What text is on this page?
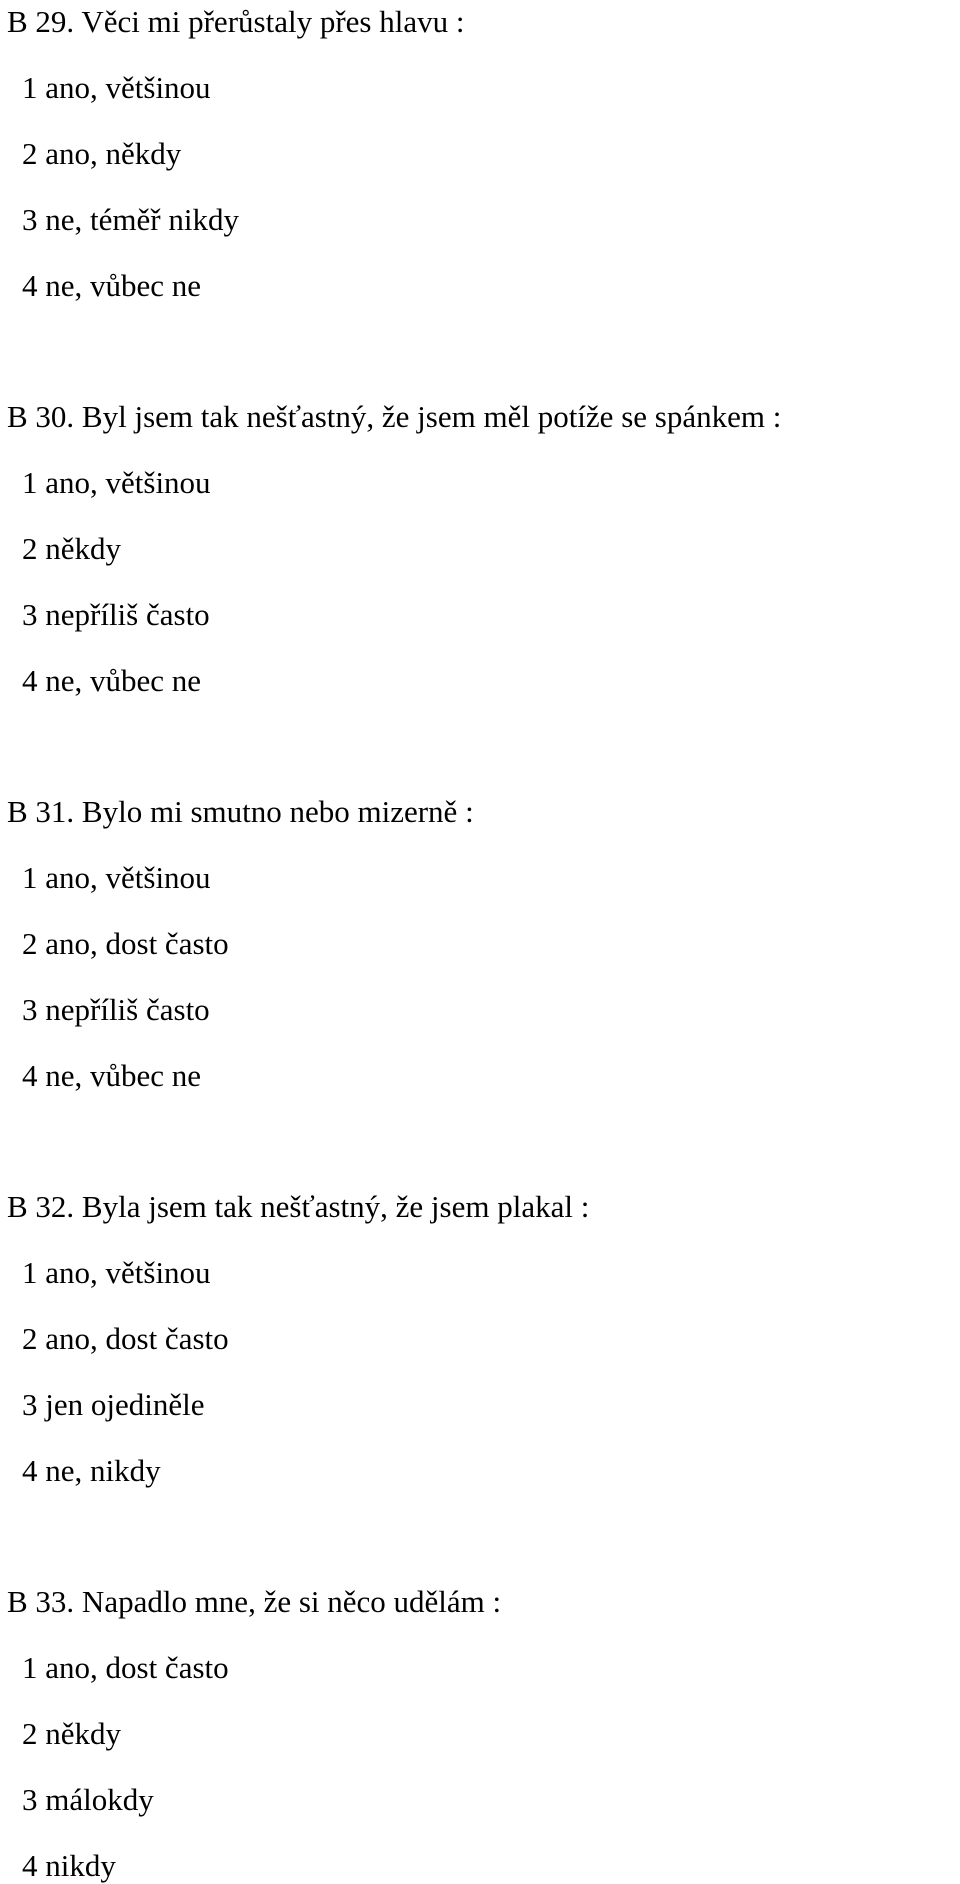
B 29. Věci mi přerůstaly přes hlavu :
1 ano, většinou
2 ano, někdy
3 ne, téměř nikdy
4 ne, vůbec ne
B 30. Byl jsem tak nešťastný, že jsem měl potíže se spánkem :
1 ano, většinou
2 někdy
3 nepříliš často
4 ne, vůbec ne
B 31. Bylo mi smutno nebo mizerně :
1 ano, většinou
2 ano, dost často
3 nepříliš často
4 ne, vůbec ne
B 32. Byla jsem tak nešťastný, že jsem plakal :
1 ano, většinou
2 ano, dost často
3 jen ojediněle
4 ne, nikdy
B 33. Napadlo mne, že si něco udělám :
1 ano, dost často
2 někdy
3 málokdy
4 nikdy
